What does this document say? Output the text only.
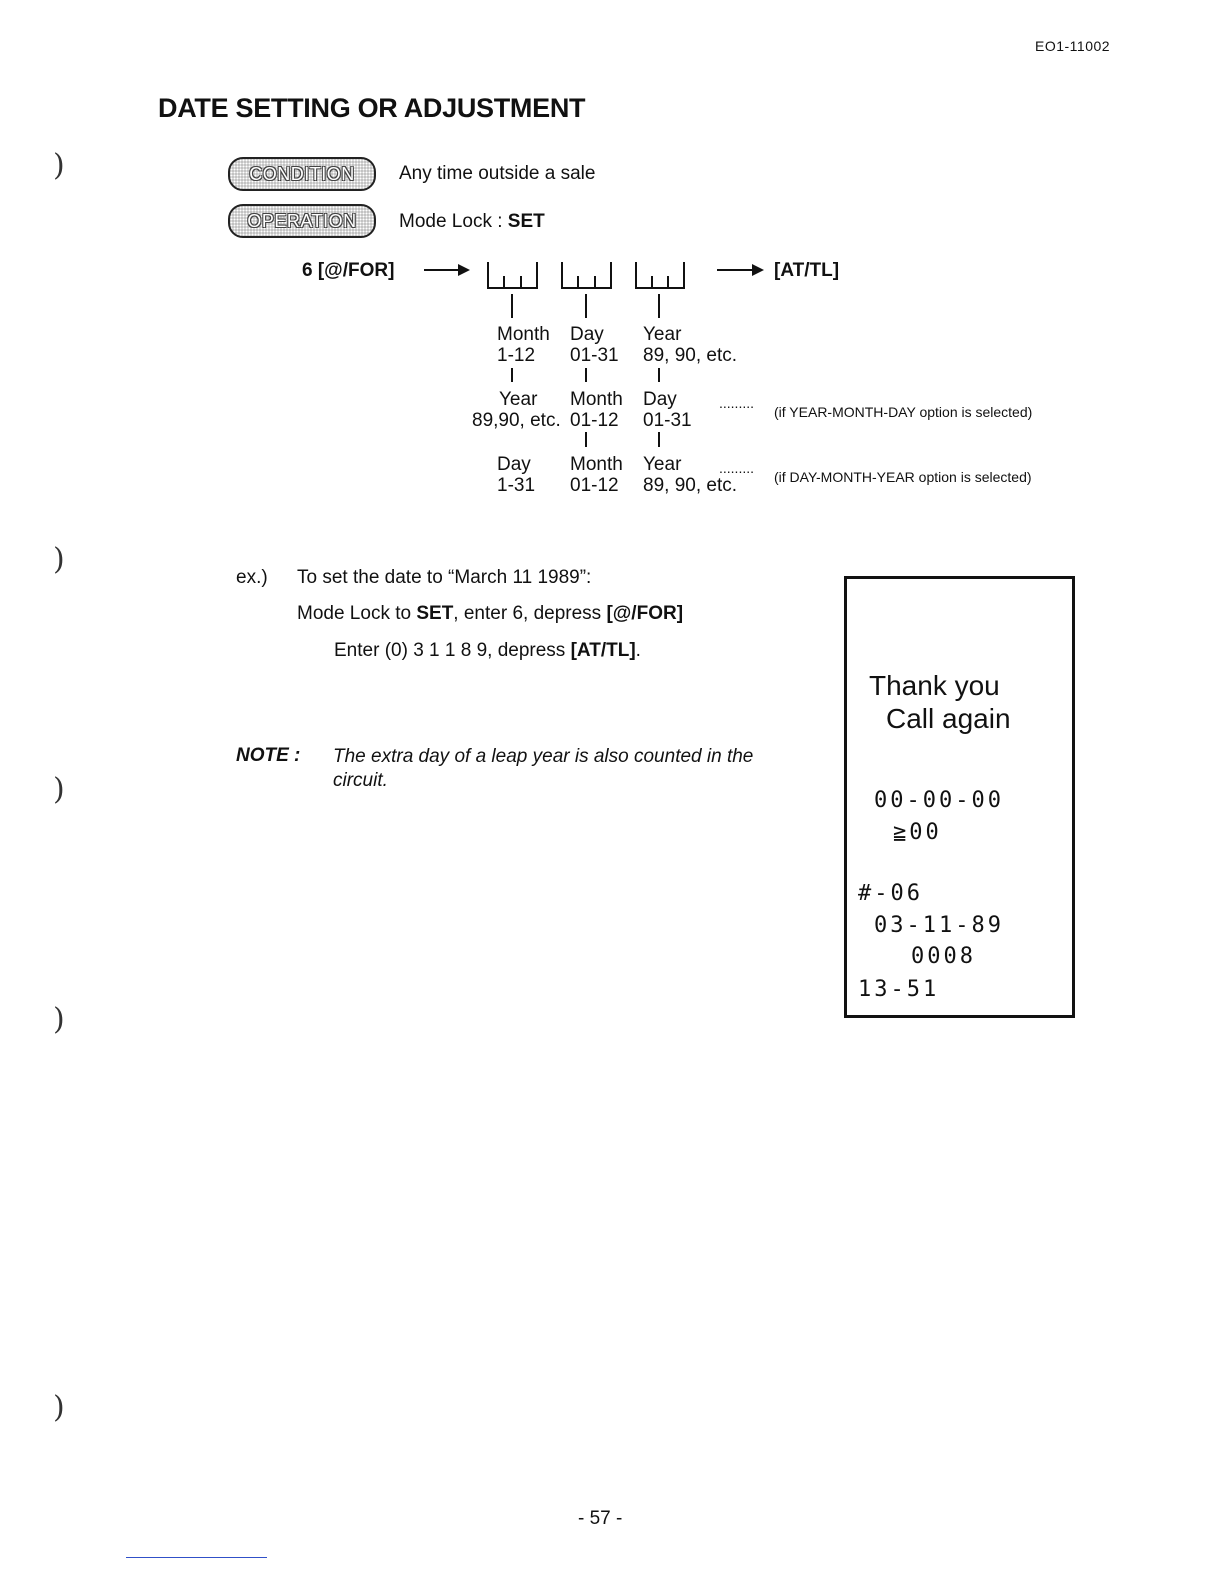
)
)
)
)
)
EO1-11002
DATE SETTING OR ADJUSTMENT
CONDITION	Any time outside a sale
OPERATION	Mode Lock : SET
6 [@/FOR]	[AT/TL]
Month Day Year
1-12 01-31 89, 90, etc.
Year Month Day
89,90, etc. 01-12 01-31
.........
(if YEAR-MONTH-DAY option is selected)
Day Month Year
1-31 01-12 89, 90, etc.
.........
(if DAY-MONTH-YEAR option is selected)
ex.) To set the date to “March 11 1989”:
Mode Lock to SET, enter 6, depress [@/FOR]
Enter (0) 3 1 1 8 9, depress [AT/TL].
NOTE : The extra day of a leap year is also counted in the circuit.
Thank you
Call again
00-00-00
≧00
#-06
03-11-89
0008
13-51
- 57 -
